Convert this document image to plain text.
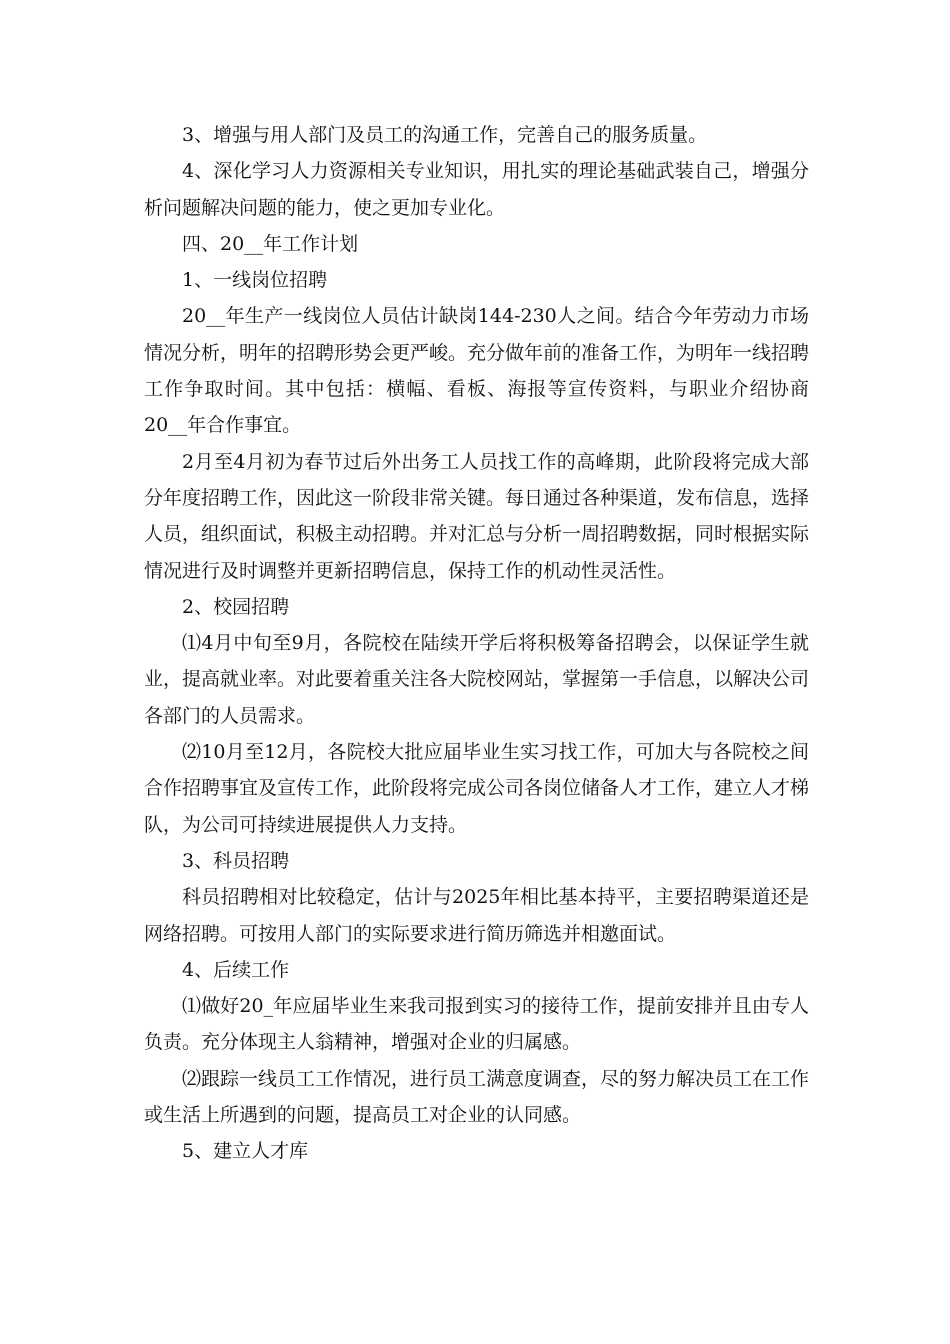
3、增强与用人部门及员工的沟通工作，完善自己的服务质量。

4、深化学习人力资源相关专业知识，用扎实的理论基础武装自己，增强分析问题解决问题的能力，使之更加专业化。

四、20__年工作计划

1、一线岗位招聘

20__年生产一线岗位人员估计缺岗144-230人之间。结合今年劳动力市场情况分析，明年的招聘形势会更严峻。充分做年前的准备工作，为明年一线招聘工作争取时间。其中包括：横幅、看板、海报等宣传资料，与职业介绍协商20__年合作事宜。

2月至4月初为春节过后外出务工人员找工作的高峰期，此阶段将完成大部分年度招聘工作，因此这一阶段非常关键。每日通过各种渠道，发布信息，选择人员，组织面试，积极主动招聘。并对汇总与分析一周招聘数据，同时根据实际情况进行及时调整并更新招聘信息，保持工作的机动性灵活性。

2、校园招聘

⑴4月中旬至9月，各院校在陆续开学后将积极筹备招聘会，以保证学生就业，提高就业率。对此要着重关注各大院校网站，掌握第一手信息，以解决公司各部门的人员需求。

⑵10月至12月，各院校大批应届毕业生实习找工作，可加大与各院校之间合作招聘事宜及宣传工作，此阶段将完成公司各岗位储备人才工作，建立人才梯队，为公司可持续进展提供人力支持。

3、科员招聘

科员招聘相对比较稳定，估计与2025年相比基本持平，主要招聘渠道还是网络招聘。可按用人部门的实际要求进行简历筛选并相邀面试。

4、后续工作

⑴做好20_年应届毕业生来我司报到实习的接待工作，提前安排并且由专人负责。充分体现主人翁精神，增强对企业的归属感。

⑵跟踪一线员工工作情况，进行员工满意度调查，尽的努力解决员工在工作或生活上所遇到的问题，提高员工对企业的认同感。

5、建立人才库
